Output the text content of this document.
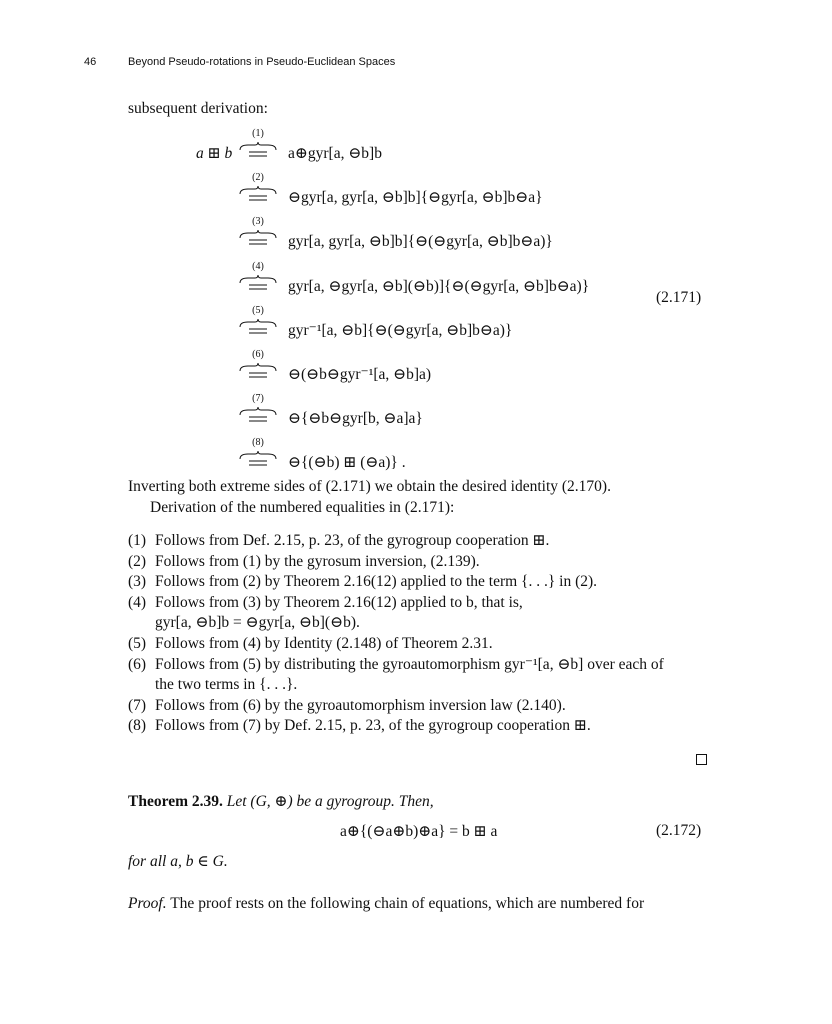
46	Beyond Pseudo-rotations in Pseudo-Euclidean Spaces
subsequent derivation:
a ⊞ b
(1)
a⊕gyr[a, ⊖b]b
(2)
⊖gyr[a, gyr[a, ⊖b]b]{⊖gyr[a, ⊖b]b⊖a}
(3)
gyr[a, gyr[a, ⊖b]b]{⊖(⊖gyr[a, ⊖b]b⊖a)}
(4)
gyr[a, ⊖gyr[a, ⊖b](⊖b)]{⊖(⊖gyr[a, ⊖b]b⊖a)}
(5)
gyr⁻¹[a, ⊖b]{⊖(⊖gyr[a, ⊖b]b⊖a)}
(6)
⊖(⊖b⊖gyr⁻¹[a, ⊖b]a)
(7)
⊖{⊖b⊖gyr[b, ⊖a]a}
(8)
⊖{(⊖b) ⊞ (⊖a)} .
(2.171)
Inverting both extreme sides of (2.171) we obtain the desired identity (2.170).
Derivation of the numbered equalities in (2.171):
(1) Follows from Def. 2.15, p. 23, of the gyrogroup cooperation ⊞.
(2) Follows from (1) by the gyrosum inversion, (2.139).
(3) Follows from (2) by Theorem 2.16(12) applied to the term {. . .} in (2).
(4) Follows from (3) by Theorem 2.16(12) applied to b, that is,
gyr[a, ⊖b]b = ⊖gyr[a, ⊖b](⊖b).
(5) Follows from (4) by Identity (2.148) of Theorem 2.31.
(6) Follows from (5) by distributing the gyroautomorphism gyr⁻¹[a, ⊖b] over each of
the two terms in {. . .}.
(7) Follows from (6) by the gyroautomorphism inversion law (2.140).
(8) Follows from (7) by Def. 2.15, p. 23, of the gyrogroup cooperation ⊞.
Theorem 2.39. Let (G, ⊕) be a gyrogroup. Then,
a⊕{(⊖a⊕b)⊕a} = b ⊞ a	(2.172)
for all a, b ∈ G.
Proof. The proof rests on the following chain of equations, which are numbered for
